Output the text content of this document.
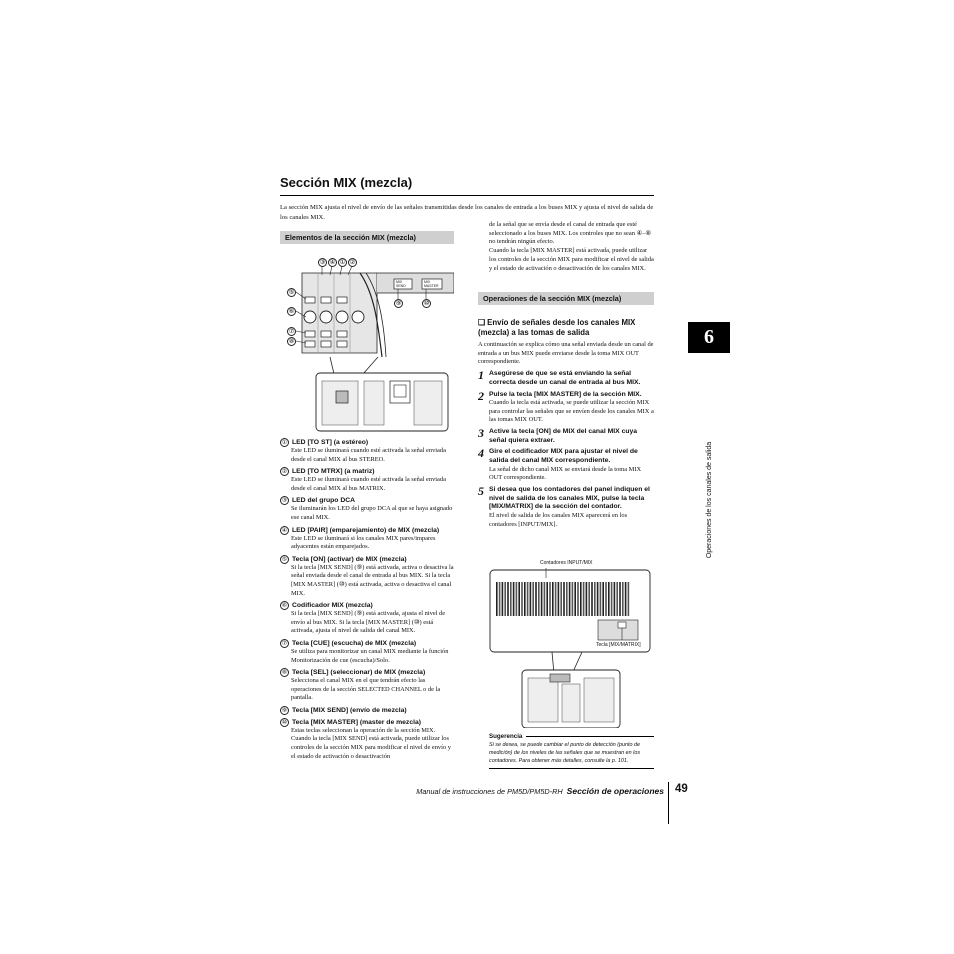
Sección MIX (mezcla)
La sección MIX ajusta el nivel de envío de las señales transmitidas desde los canales de entrada a los buses MIX y ajusta el nivel de salida de los canales MIX.
Elementos de la sección MIX (mezcla)
③ ④ ① ②
⑤
⑥
⑦
⑧
⑨	⑩
MIX SEND
MIX MASTER
① LED [TO ST] (a estéreo)
Este LED se iluminará cuando esté activada la señal enviada desde el canal MIX al bus STEREO.
② LED [TO MTRX] (a matriz)
Este LED se iluminará cuando esté activada la señal enviada desde el canal MIX al bus MATRIX.
③ LED del grupo DCA
Se iluminarán los LED del grupo DCA al que se haya asignado ese canal MIX.
④ LED [PAIR] (emparejamiento) de MIX (mezcla)
Este LED se iluminará si los canales MIX pares/impares adyacentes están emparejados.
⑤ Tecla [ON] (activar) de MIX (mezcla)
Si la tecla [MIX SEND] (⑨) está activada, activa o desactiva la señal enviada desde el canal de entrada al bus MIX. Si la tecla [MIX MASTER] (⑩) está activada, activa o desactiva el canal MIX.
⑥ Codificador MIX (mezcla)
Si la tecla [MIX SEND] (⑨) está activada, ajusta el nivel de envío al bus MIX. Si la tecla [MIX MASTER] (⑩) está activada, ajusta el nivel de salida del canal MIX.
⑦ Tecla [CUE] (escucha) de MIX (mezcla)
Se utiliza para monitorizar un canal MIX mediante la función Monitorización de cue (escucha)/Solo.
⑧ Tecla [SEL] (seleccionar) de MIX (mezcla)
Selecciona el canal MIX en el que tendrán efecto las operaciones de la sección SELECTED CHANNEL o de la pantalla.
⑨ Tecla [MIX SEND] (envío de mezcla)
⑩ Tecla [MIX MASTER] (master de mezcla)
Estas teclas seleccionan la operación de la sección MIX. Cuando la tecla [MIX SEND] está activada, puede utilizar los controles de la sección MIX para modificar el nivel de envío y el estado de activación o desactivación

de la señal que se envía desde el canal de entrada que esté seleccionado a los buses MIX. Los controles que no sean ④–⑧ no tendrán ningún efecto.

Cuando la tecla [MIX MASTER] está activada, puede utilizar los controles de la sección MIX para modificar el nivel de salida y el estado de activación o desactivación de los canales MIX.

Operaciones de la sección MIX (mezcla)
❑ Envío de señales desde los canales MIX (mezcla) a las tomas de salida
A continuación se explica cómo una señal enviada desde un canal de entrada a un bus MIX puede enviarse desde la toma MIX OUT correspondiente.
1 Asegúrese de que se está enviando la señal correcta desde un canal de entrada al bus MIX.
2 Pulse la tecla [MIX MASTER] de la sección MIX.
Cuando la tecla está activada, se puede utilizar la sección MIX para controlar las señales que se envíen desde los canales MIX a las tomas MIX OUT.
3 Active la tecla [ON] de MIX del canal MIX cuya señal quiera extraer.
4 Gire el codificador MIX para ajustar el nivel de salida del canal MIX correspondiente.
La señal de dicho canal MIX se enviará desde la toma MIX OUT correspondiente.
5 Si desea que los contadores del panel indiquen el nivel de salida de los canales MIX, pulse la tecla [MIX/MATRIX] de la sección del contador.
El nivel de salida de los canales MIX aparecerá en los contadores [INPUT/MIX].
Contadores INPUT/MIX
Tecla [MIX/MATRIX]
Sugerencia
Si se desea, se puede cambiar el punto de detección (punto de medición) de los niveles de las señales que se muestran en los contadores. Para obtener más detalles, consulte la p. 101.
6
Operaciones de los canales de salida
Manual de instrucciones de PM5D/PM5D-RH Sección de operaciones 49
